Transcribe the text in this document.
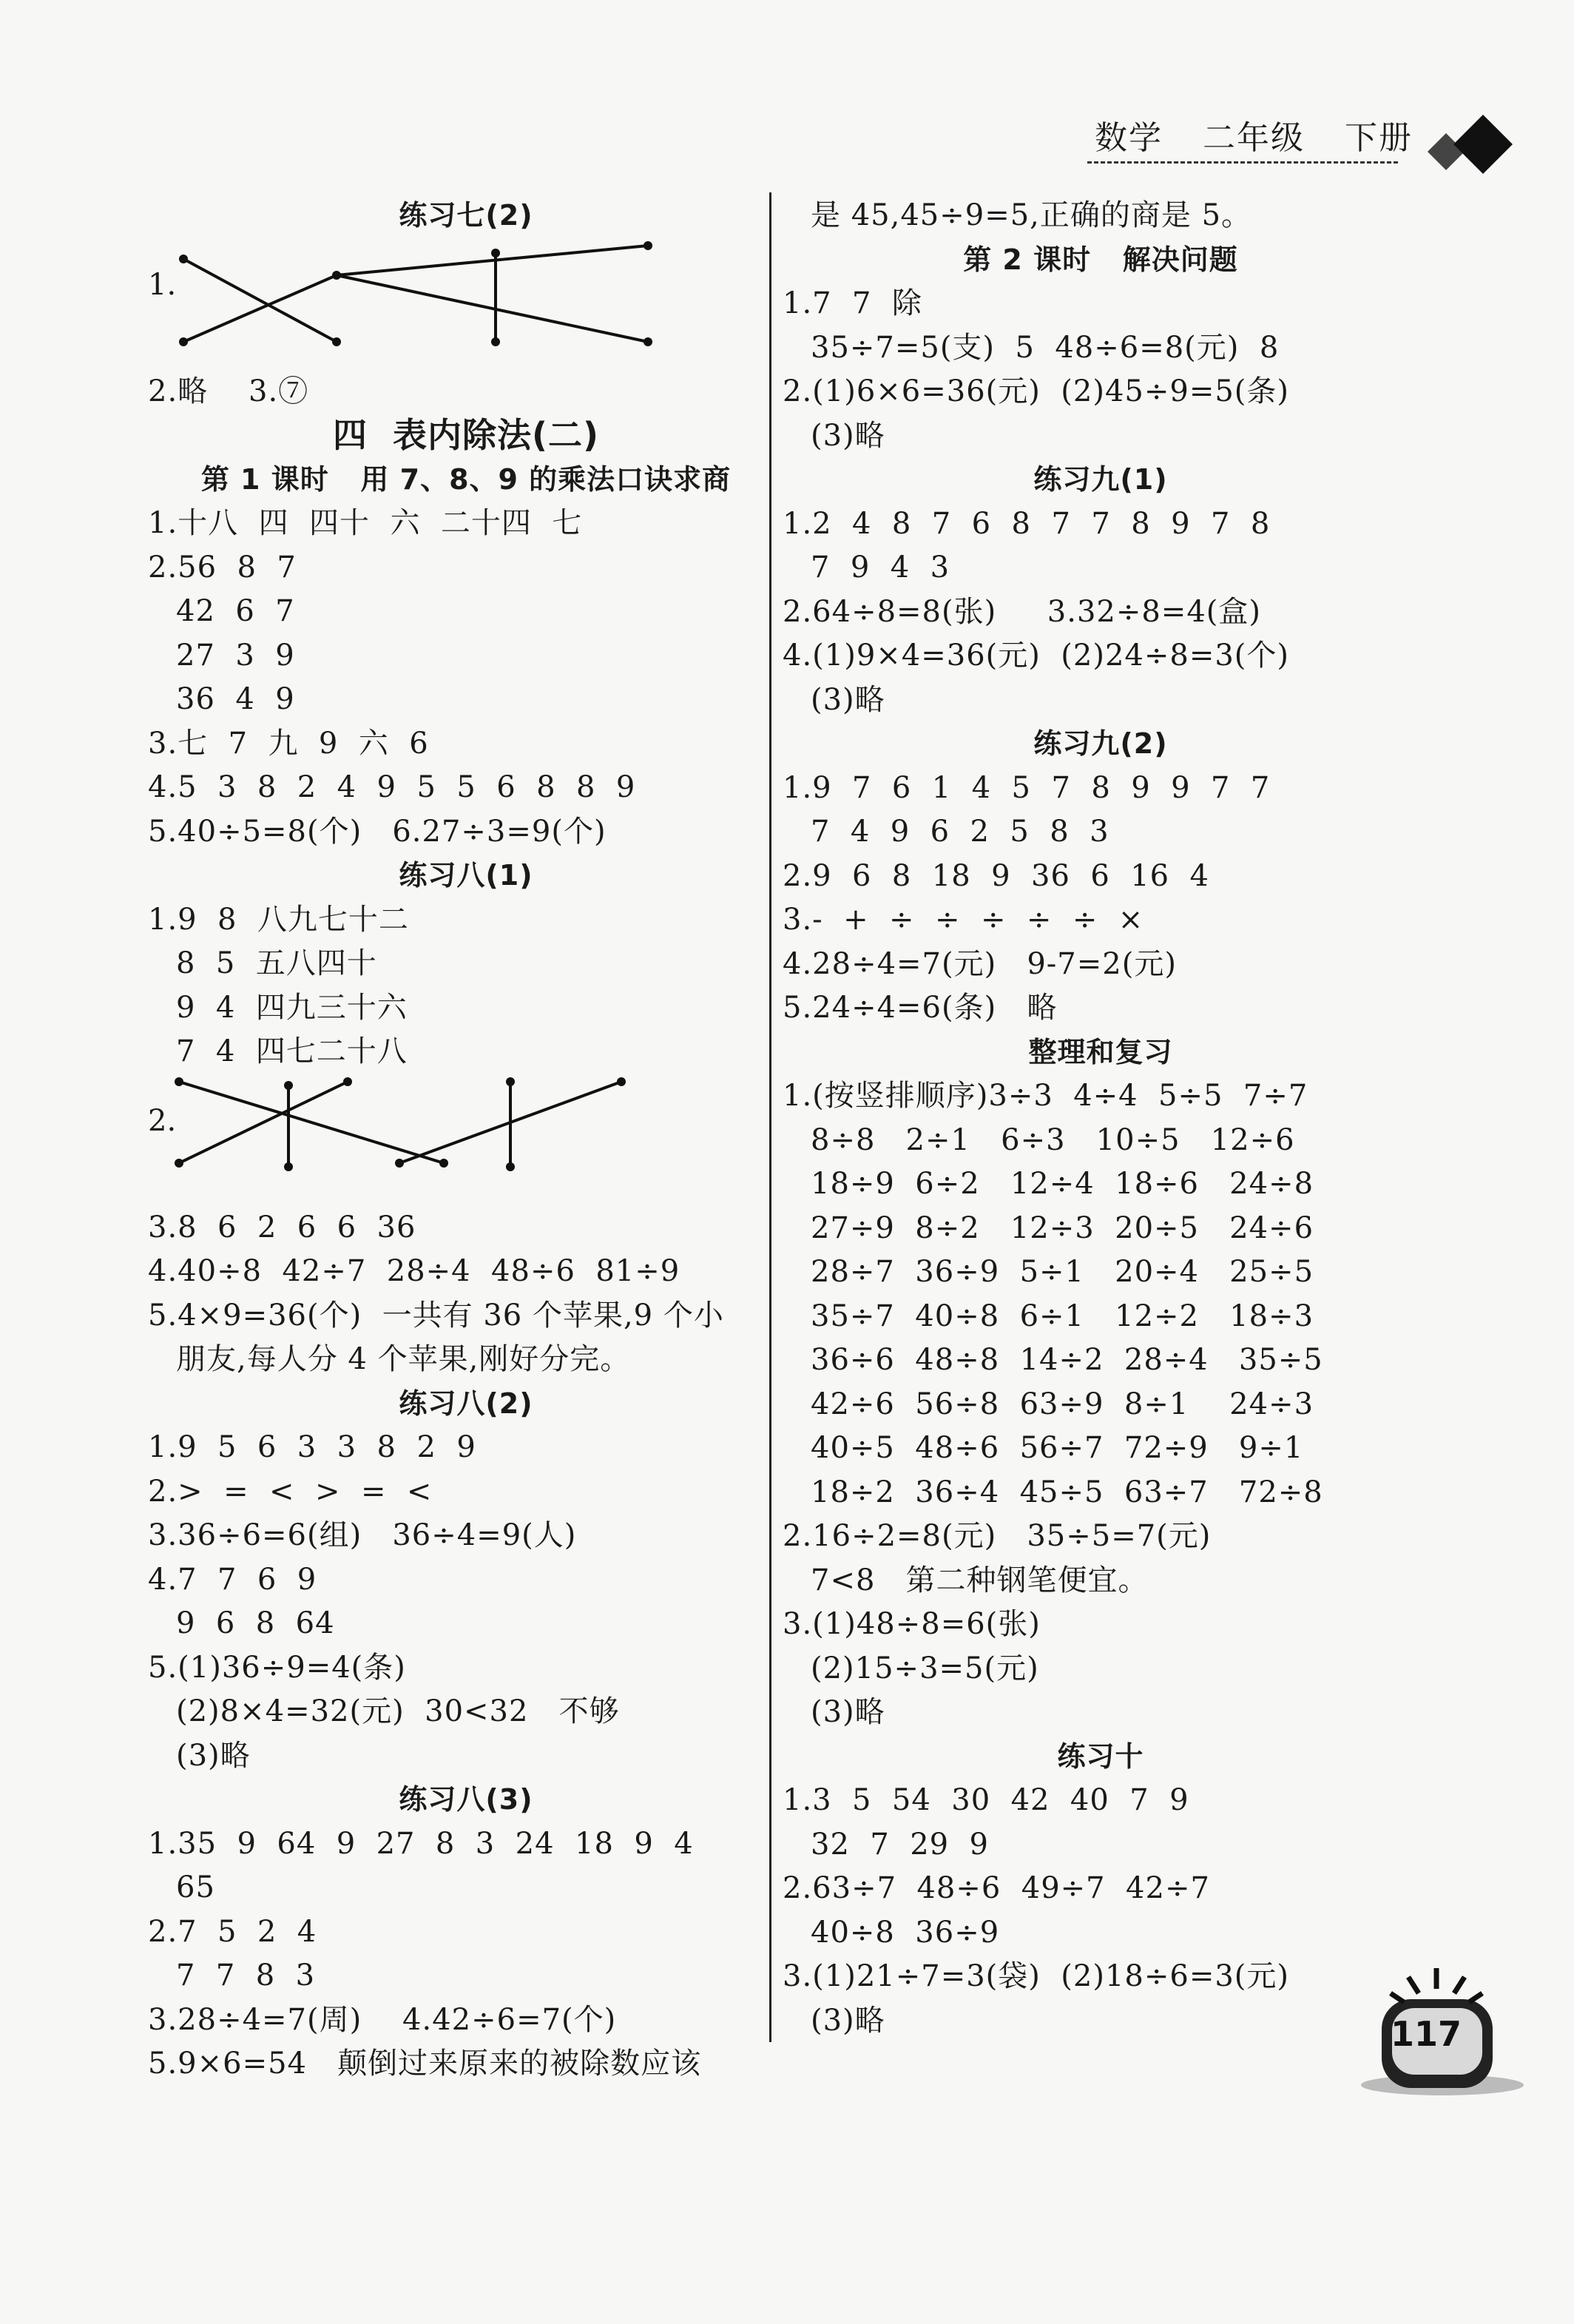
数学 二年级 下册
练习七(2)
1.
2.略    3.⑦
四  表内除法(二)
第 1 课时   用 7、8、9 的乘法口诀求商
1.十八  四  四十  六  二十四  七
2.56  8  7
42  6  7
27  3  9
36  4  9
3.七  7  九  9  六  6
4.5  3  8  2  4  9  5  5  6  8  8  9
5.40÷5=8(个)   6.27÷3=9(个)
练习八(1)
1.9  8  八九七十二
8  5  五八四十
9  4  四九三十六
7  4  四七二十八
2.
3.8  6  2  6  6  36
4.40÷8  42÷7  28÷4  48÷6  81÷9
5.4×9=36(个)  一共有 36 个苹果,9 个小
朋友,每人分 4 个苹果,刚好分完。
练习八(2)
1.9  5  6  3  3  8  2  9
2.>  =  <  >  =  <
3.36÷6=6(组)   36÷4=9(人)
4.7  7  6  9
9  6  8  64
5.(1)36÷9=4(条)
(2)8×4=32(元)  30<32   不够
(3)略
练习八(3)
1.35  9  64  9  27  8  3  24  18  9  4
65
2.7  5  2  4
7  7  8  3
3.28÷4=7(周)    4.42÷6=7(个)
5.9×6=54   颠倒过来原来的被除数应该
是 45,45÷9=5,正确的商是 5。
第 2 课时   解决问题
1.7  7  除
35÷7=5(支)  5  48÷6=8(元)  8
2.(1)6×6=36(元)  (2)45÷9=5(条)
(3)略
练习九(1)
1.2  4  8  7  6  8  7  7  8  9  7  8
7  9  4  3
2.64÷8=8(张)     3.32÷8=4(盒)
4.(1)9×4=36(元)  (2)24÷8=3(个)
(3)略
练习九(2)
1.9  7  6  1  4  5  7  8  9  9  7  7
7  4  9  6  2  5  8  3
2.9  6  8  18  9  36  6  16  4
3.-  +  ÷  ÷  ÷  ÷  ÷  ×
4.28÷4=7(元)   9-7=2(元)
5.24÷4=6(条)   略
整理和复习
1.(按竖排顺序)3÷3  4÷4  5÷5  7÷7
8÷8   2÷1   6÷3   10÷5   12÷6
18÷9  6÷2   12÷4  18÷6   24÷8
27÷9  8÷2   12÷3  20÷5   24÷6
28÷7  36÷9  5÷1   20÷4   25÷5
35÷7  40÷8  6÷1   12÷2   18÷3
36÷6  48÷8  14÷2  28÷4   35÷5
42÷6  56÷8  63÷9  8÷1    24÷3
40÷5  48÷6  56÷7  72÷9   9÷1
18÷2  36÷4  45÷5  63÷7   72÷8
2.16÷2=8(元)   35÷5=7(元)
7<8   第二种钢笔便宜。
3.(1)48÷8=6(张)
(2)15÷3=5(元)
(3)略
练习十
1.3  5  54  30  42  40  7  9
32  7  29  9
2.63÷7  48÷6  49÷7  42÷7
40÷8  36÷9
3.(1)21÷7=3(袋)  (2)18÷6=3(元)
(3)略	117
